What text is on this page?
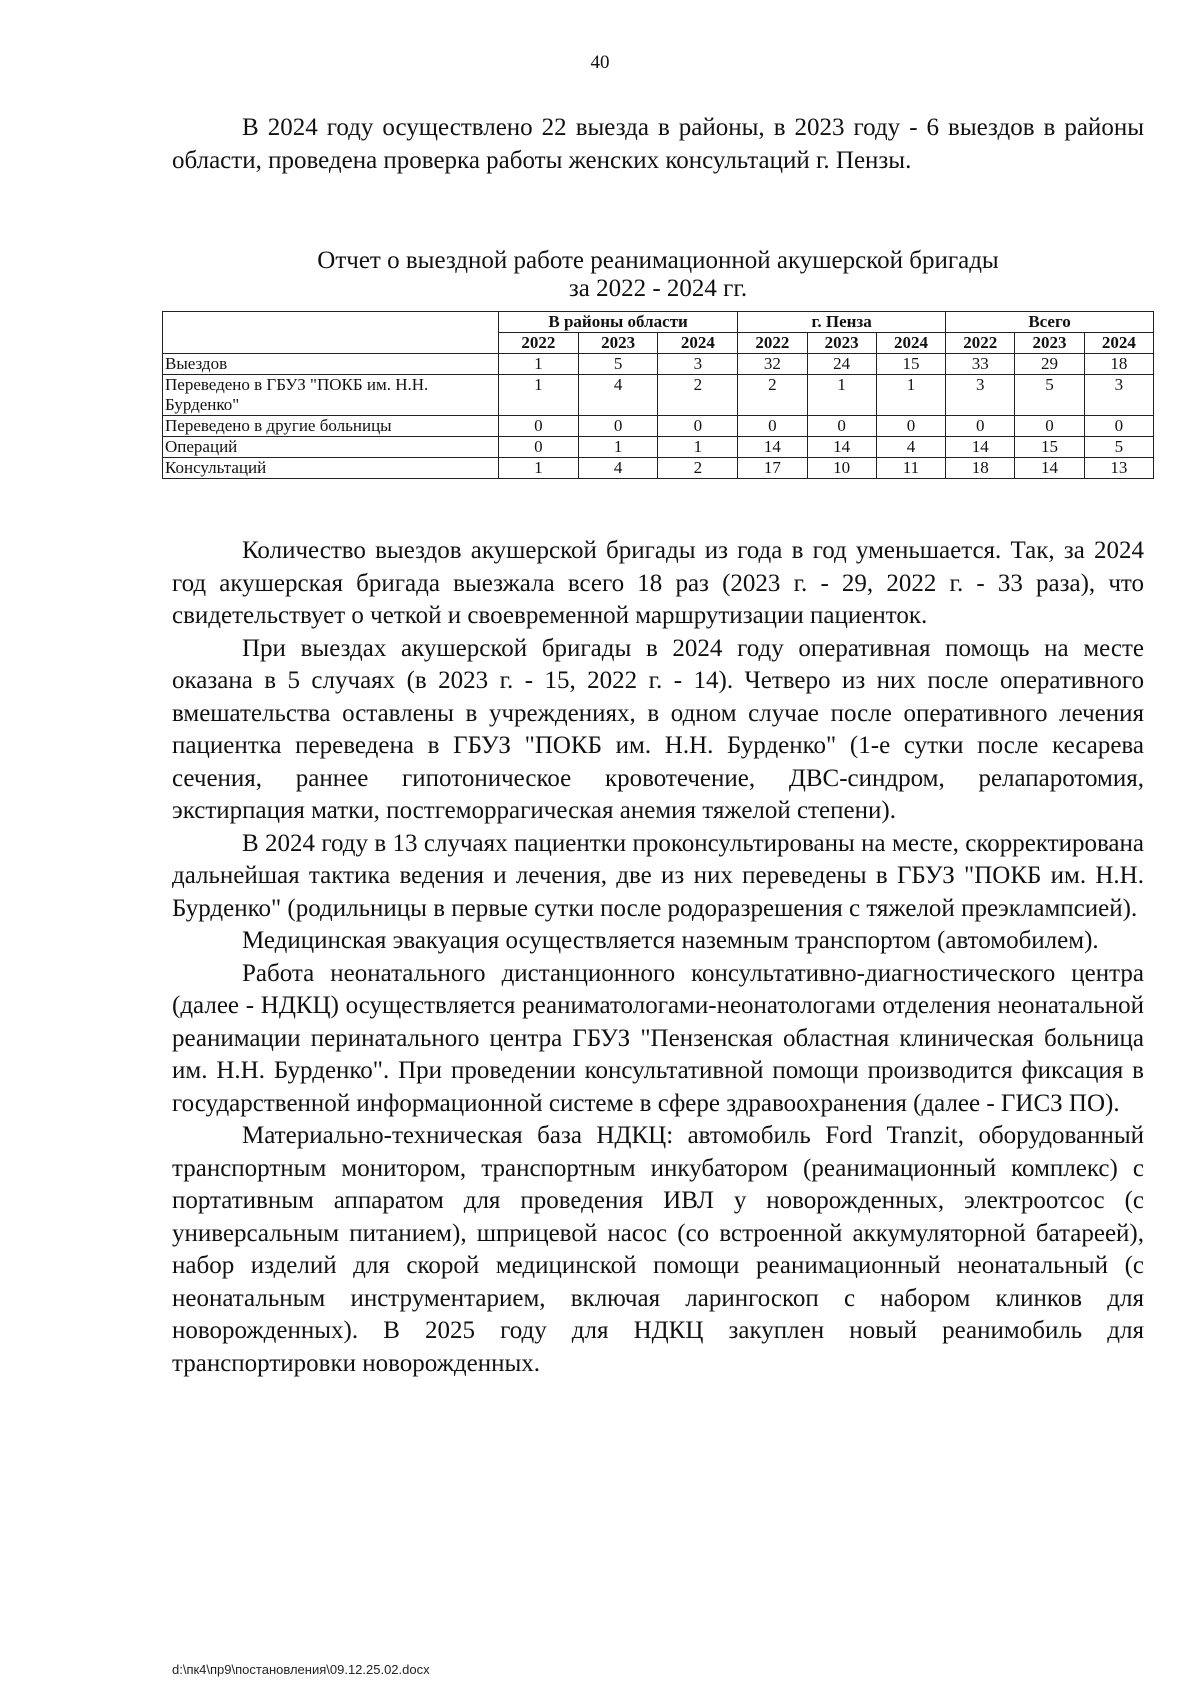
40

В 2024 году осуществлено 22 выезда в районы, в 2023 году - 6 выездов в районы области, проведена проверка работы женских консультаций г. Пензы.

Отчет о выездной работе реанимационной акушерской бригады
за 2022 - 2024 гг.
	В районы области			г. Пенза			Всего		
	2022	2023	2024	2022	2023	2024	2022	2023	2024
Выездов	1	5	3	32	24	15	33	29	18
Переведено в ГБУЗ "ПОКБ им. Н.Н. Бурденко"	1	4	2	2	1	1	3	5	3
Переведено в другие больницы	0	0	0	0	0	0	0	0	0
Операций	0	1	1	14	14	4	14	15	5
Консультаций	1	4	2	17	10	11	18	14	13

Количество выездов акушерской бригады из года в год уменьшается. Так, за 2024 год акушерская бригада выезжала всего 18 раз (2023 г. - 29, 2022 г. - 33 раза), что свидетельствует о четкой и своевременной маршрутизации пациенток.

При выездах акушерской бригады в 2024 году оперативная помощь на месте оказана в 5 случаях (в 2023 г. - 15, 2022 г. - 14). Четверо из них после оперативного вмешательства оставлены в учреждениях, в одном случае после оперативного лечения пациентка переведена в ГБУЗ "ПОКБ им. Н.Н. Бурденко" (1-е сутки после кесарева сечения, раннее гипотоническое кровотечение, ДВС-синдром, релапаротомия, экстирпация матки, постгеморрагическая анемия тяжелой степени).

В 2024 году в 13 случаях пациентки проконсультированы на месте, скорректирована дальнейшая тактика ведения и лечения, две из них переведены в ГБУЗ "ПОКБ им. Н.Н. Бурденко" (родильницы в первые сутки после родоразрешения с тяжелой преэклампсией).

Медицинская эвакуация осуществляется наземным транспортом (автомобилем).

Работа неонатального дистанционного консультативно-диагностического центра (далее - НДКЦ) осуществляется реаниматологами-неонатологами отделения неонатальной реанимации перинатального центра ГБУЗ "Пензенская областная клиническая больница им. Н.Н. Бурденко". При проведении консультативной помощи производится фиксация в государственной информационной системе в сфере здравоохранения (далее - ГИСЗ ПО).

Материально-техническая база НДКЦ: автомобиль Ford Tranzit, оборудованный транспортным монитором, транспортным инкубатором (реанимационный комплекс) с портативным аппаратом для проведения ИВЛ у новорожденных, электроотсос (с универсальным питанием), шприцевой насос (со встроенной аккумуляторной батареей), набор изделий для скорой медицинской помощи реанимационный неонатальный (с неонатальным инструментарием, включая ларингоскоп с набором клинков для новорожденных). В 2025 году для НДКЦ закуплен новый реанимобиль для транспортировки новорожденных.

d:\пк4\пр9\постановления\09.12.25.02.docx
